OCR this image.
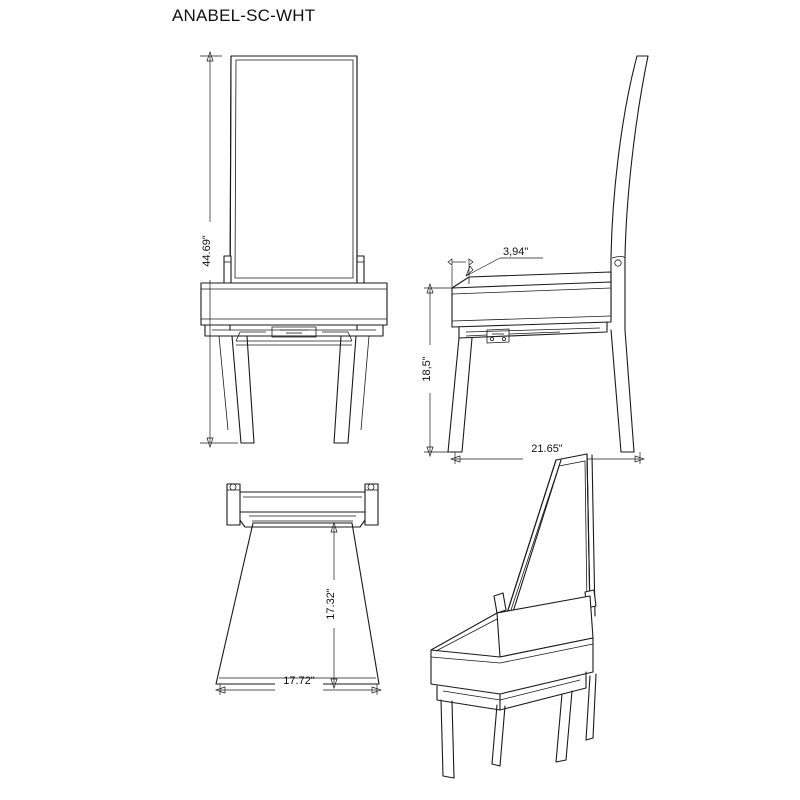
ANABEL-SC-WHT
44.69"	3,94"
18,5"
21.65"
17.32"
17.72"
